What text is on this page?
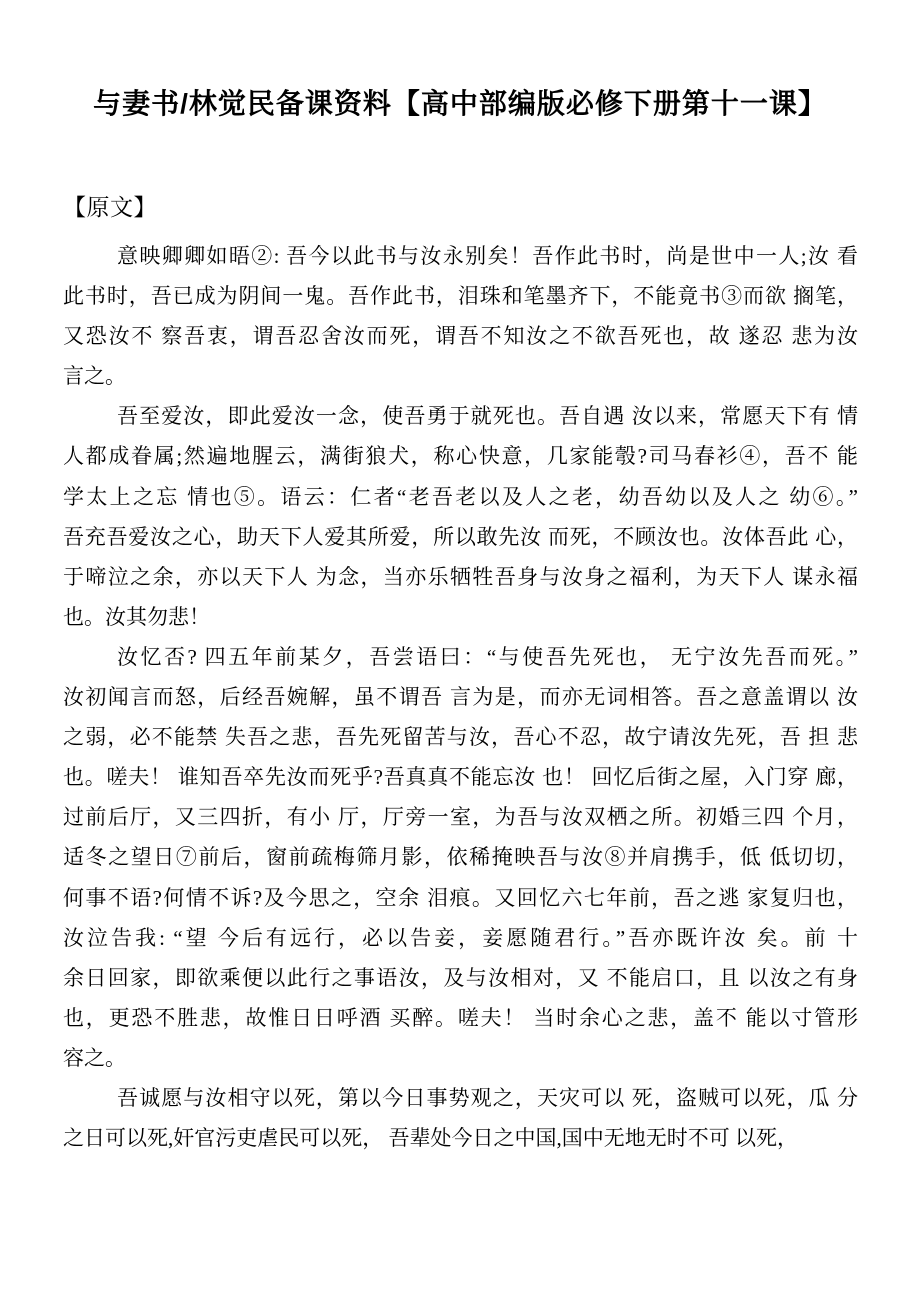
与妻书/林觉民备课资料【高中部编版必修下册第十一课】
【原文】
意映卿卿如晤②: 吾今以此书与汝永别矣！吾作此书时，尚是世中一人;汝 看
此书时，吾已成为阴间一鬼。吾作此书，泪珠和笔墨齐下，不能竟书③而欲 搁笔，
又恐汝不 察吾衷，谓吾忍舍汝而死，谓吾不知汝之不欲吾死也，故 遂忍 悲为汝
言之。
吾至爱汝，即此爱汝一念，使吾勇于就死也。吾自遇 汝以来，常愿天下有 情
人都成眷属;然遍地腥云，满街狼犬，称心快意，几家能彀?司马春衫④，吾不 能
学太上之忘 情也⑤。语云：仁者“老吾老以及人之老，幼吾幼以及人之 幼⑥。”
吾充吾爱汝之心，助天下人爱其所爱，所以敢先汝 而死，不顾汝也。汝体吾此 心，
于啼泣之余，亦以天下人 为念，当亦乐牺牲吾身与汝身之福利，为天下人 谋永福
也。汝其勿悲！
汝忆否? 四五年前某夕，吾尝语曰：“与使吾先死也， 无宁汝先吾而死。”
汝初闻言而怒，后经吾婉解，虽不谓吾 言为是，而亦无词相答。吾之意盖谓以 汝
之弱，必不能禁 失吾之悲，吾先死留苦与汝，吾心不忍，故宁请汝先死，吾 担 悲
也。嗟夫！ 谁知吾卒先汝而死乎?吾真真不能忘汝 也！ 回忆后街之屋，入门穿 廊，
过前后厅，又三四折，有小 厅，厅旁一室，为吾与汝双栖之所。初婚三四 个月，
适冬之望日⑦前后，窗前疏梅筛月影，依稀掩映吾与汝⑧并肩携手，低 低切切，
何事不语?何情不诉?及今思之，空余 泪痕。又回忆六七年前，吾之逃 家复归也，
汝泣告我: “望 今后有远行，必以告妾，妾愿随君行。”吾亦既许汝 矣。前 十
余日回家，即欲乘便以此行之事语汝，及与汝相对，又 不能启口，且 以汝之有身
也，更恐不胜悲，故惟日日呼酒 买醉。嗟夫！ 当时余心之悲，盖不 能以寸管形
容之。
吾诚愿与汝相守以死，第以今日事势观之，天灾可以 死，盗贼可以死，瓜 分
之日可以死,奸官污吏虐民可以死， 吾辈处今日之中国,国中无地无时不可 以死，
